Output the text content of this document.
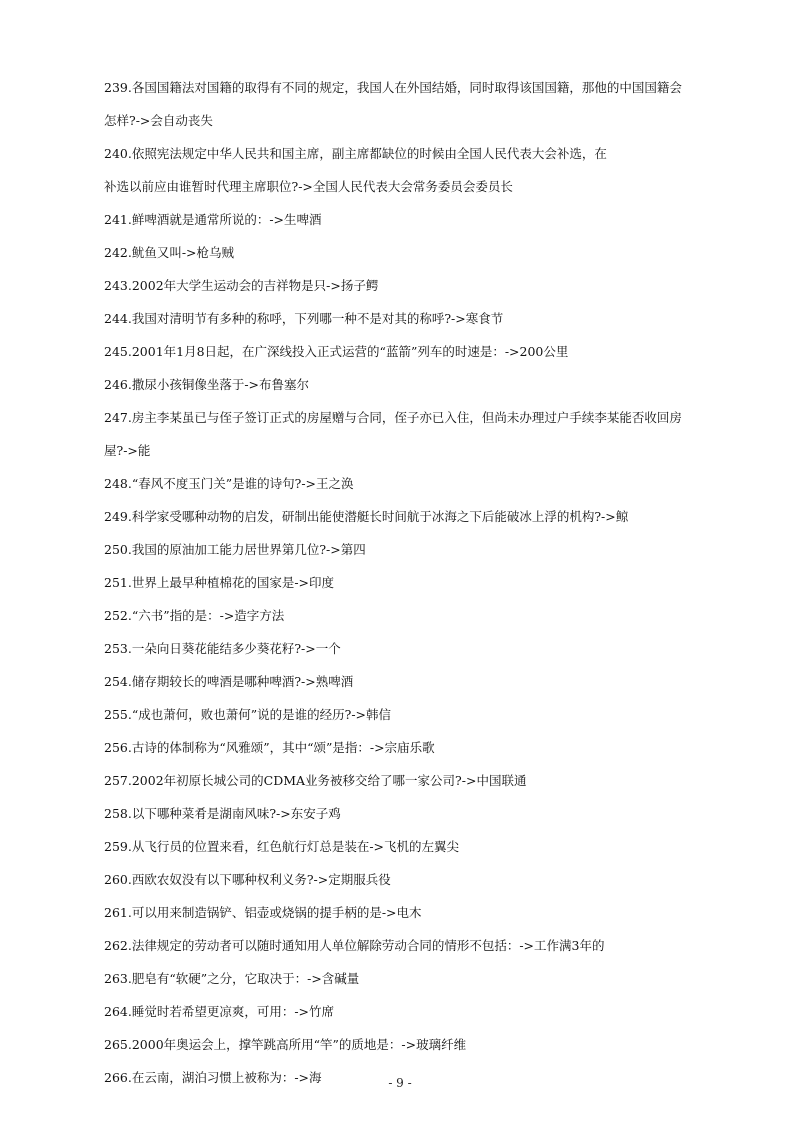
239.各国国籍法对国籍的取得有不同的规定，我国人在外国结婚，同时取得该国国籍，那他的中国国籍会
怎样?->会自动丧失
240.依照宪法规定中华人民共和国主席，副主席都缺位的时候由全国人民代表大会补选，在
补选以前应由谁暂时代理主席职位?->全国人民代表大会常务委员会委员长
241.鲜啤酒就是通常所说的：->生啤酒
242.鱿鱼又叫->枪乌贼
243.2002年大学生运动会的吉祥物是只->扬子鳄
244.我国对清明节有多种的称呼，下列哪一种不是对其的称呼?->寒食节
245.2001年1月8日起，在广深线投入正式运营的“蓝箭”列车的时速是：->200公里
246.撒尿小孩铜像坐落于->布鲁塞尔
247.房主李某虽已与侄子签订正式的房屋赠与合同，侄子亦已入住，但尚未办理过户手续李某能否收回房
屋?->能
248.“春风不度玉门关”是谁的诗句?->王之涣
249.科学家受哪种动物的启发，研制出能使潜艇长时间航于冰海之下后能破冰上浮的机构?->鲸
250.我国的原油加工能力居世界第几位?->第四
251.世界上最早种植棉花的国家是->印度
252.“六书”指的是：->造字方法
253.一朵向日葵花能结多少葵花籽?->一个
254.储存期较长的啤酒是哪种啤酒?->熟啤酒
255.“成也萧何，败也萧何”说的是谁的经历?->韩信
256.古诗的体制称为“风雅颂”，其中“颂”是指：->宗庙乐歌
257.2002年初原长城公司的CDMA业务被移交给了哪一家公司?->中国联通
258.以下哪种菜肴是湖南风味?->东安子鸡
259.从飞行员的位置来看，红色航行灯总是装在->飞机的左翼尖
260.西欧农奴没有以下哪种权利义务?->定期服兵役
261.可以用来制造锅铲、铝壶或烧锅的提手柄的是->电木
262.法律规定的劳动者可以随时通知用人单位解除劳动合同的情形不包括：->工作满3年的
263.肥皂有“软硬”之分，它取决于：->含碱量
264.睡觉时若希望更凉爽，可用：->竹席
265.2000年奥运会上，撑竿跳高所用“竿”的质地是：->玻璃纤维
266.在云南，湖泊习惯上被称为：->海	- 9 -
